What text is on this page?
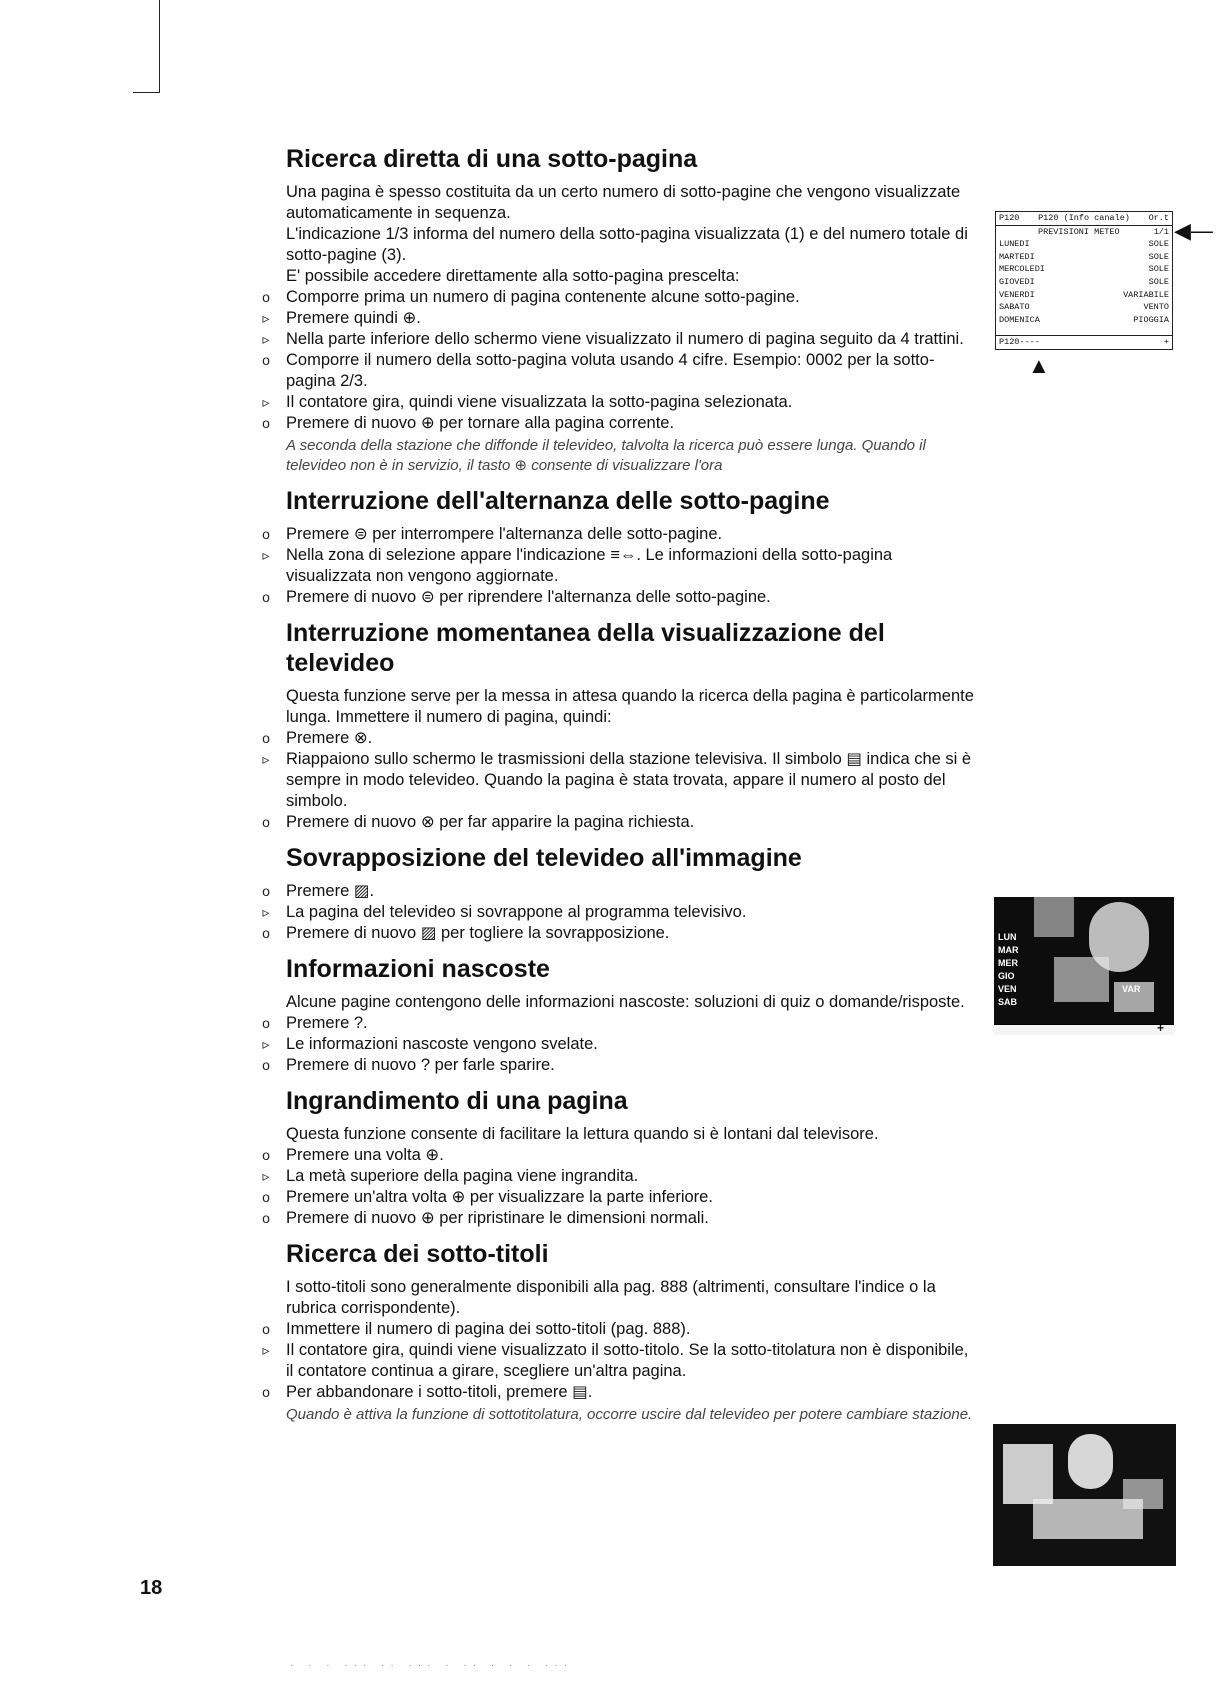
Ricerca diretta di una sotto-pagina

Una pagina è spesso costituita da un certo numero di sotto-pagine che vengono visualizzate automaticamente in sequenza.

L'indicazione 1/3 informa del numero della sotto-pagina visualizzata (1) e del numero totale di sotto-pagine (3).

E' possibile accedere direttamente alla sotto-pagina prescelta:

o Comporre prima un numero di pagina contenente alcune sotto-pagine.
▹ Premere quindi ⊕.
▹ Nella parte inferiore dello schermo viene visualizzato il numero di pagina seguito da 4 trattini.
o Comporre il numero della sotto-pagina voluta usando 4 cifre. Esempio: 0002 per la sotto-pagina 2/3.
▹ Il contatore gira, quindi viene visualizzata la sotto-pagina selezionata.
o Premere di nuovo ⊕ per tornare alla pagina corrente.

A seconda della stazione che diffonde il televideo, talvolta la ricerca può essere lunga. Quando il televideo non è in servizio, il tasto ⊕ consente di visualizzare l'ora

Interruzione dell'alternanza delle sotto-pagine
o Premere ⊜ per interrompere l'alternanza delle sotto-pagine.
▹ Nella zona di selezione appare l'indicazione ≡⇔. Le informazioni della sotto-pagina visualizzata non vengono aggiornate.
o Premere di nuovo ⊜ per riprendere l'alternanza delle sotto-pagine.
Interruzione momentanea della visualizzazione del televideo

Questa funzione serve per la messa in attesa quando la ricerca della pagina è particolarmente lunga. Immettere il numero di pagina, quindi:

o Premere ⊗.
▹ Riappaiono sullo schermo le trasmissioni della stazione televisiva. Il simbolo ▤ indica che si è sempre in modo televideo. Quando la pagina è stata trovata, appare il numero al posto del simbolo.
o Premere di nuovo ⊗ per far apparire la pagina richiesta.
Sovrapposizione del televideo all'immagine
o Premere ▨.
▹ La pagina del televideo si sovrappone al programma televisivo.
o Premere di nuovo ▨ per togliere la sovrapposizione.
Informazioni nascoste

Alcune pagine contengono delle informazioni nascoste: soluzioni di quiz o domande/risposte.

o Premere ?.
▹ Le informazioni nascoste vengono svelate.
o Premere di nuovo ? per farle sparire.
Ingrandimento di una pagina

Questa funzione consente di facilitare la lettura quando si è lontani dal televisore.

o Premere una volta ⊕.
▹ La metà superiore della pagina viene ingrandita.
o Premere un'altra volta ⊕ per visualizzare la parte inferiore.
o Premere di nuovo ⊕ per ripristinare le dimensioni normali.
Ricerca dei sotto-titoli

I sotto-titoli sono generalmente disponibili alla pag. 888 (altrimenti, consultare l'indice o la rubrica corrispondente).

o Immettere il numero di pagina dei sotto-titoli (pag. 888).
▹ Il contatore gira, quindi viene visualizzato il sotto-titolo. Se la sotto-titolatura non è disponibile, il contatore continua a girare, scegliere un'altra pagina.
o Per abbandonare i sotto-titoli, premere ▤.

Quando è attiva la funzione di sottotitolatura, occorre uscire dal televideo per potere cambiare stazione.

P120 P120 (Info canale) Or.t
PREVISIONI METEO	1/1
LUNEDI	SOLE
MARTEDI	SOLE
MERCOLEDI	SOLE
GIOVEDI	SOLE
VENERDI	VARIABILE
SABATO	VENTO
DOMENICA	PIOGGIA
P120----	+
◀—
▲
LUN
MAR
MER
GIO
VEN
SAB
VAR
+
18
· · · ··· ·· ··· · ·· · · · ···
